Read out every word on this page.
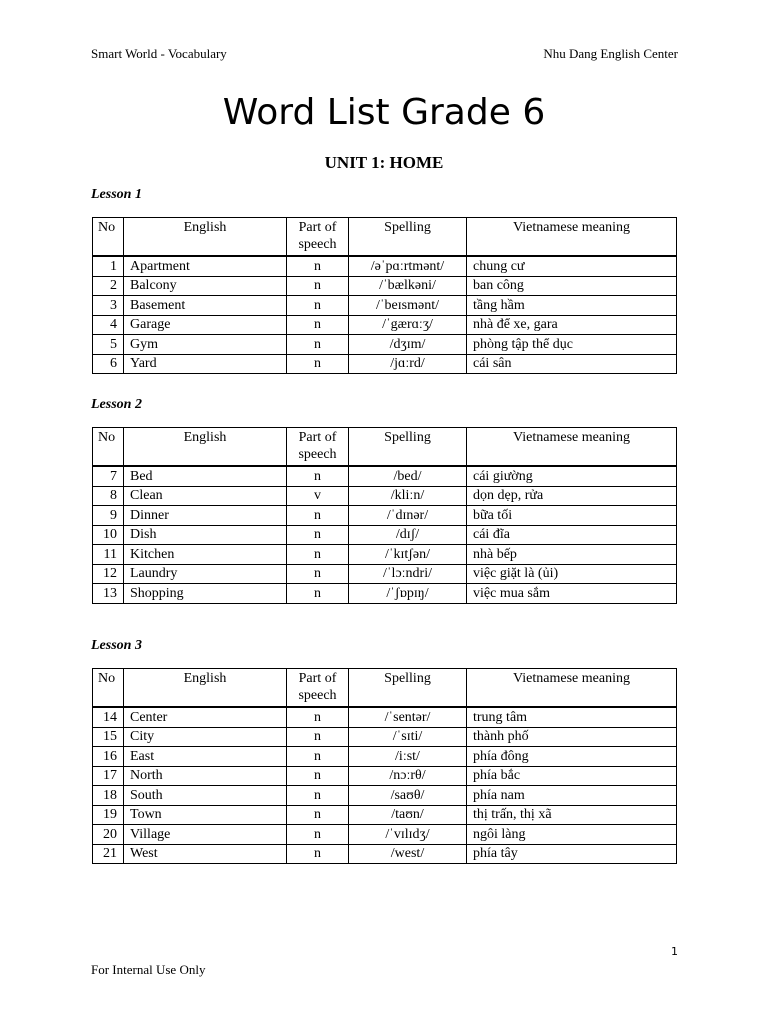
Smart World - Vocabulary	Nhu Dang English Center
Word List Grade 6
UNIT 1: HOME
Lesson 1
No	English	Part of speech	Spelling	Vietnamese meaning
1	Apartment	n	/əˈpɑːrtmənt/	chung cư
2	Balcony	n	/ˈbælkəni/	ban công
3	Basement	n	/ˈbeɪsmənt/	tầng hầm
4	Garage	n	/ˈgærɑːʒ/	nhà để xe, gara
5	Gym	n	/dʒɪm/	phòng tập thể dục
6	Yard	n	/jɑːrd/	cái sân
Lesson 2
No	English	Part of speech	Spelling	Vietnamese meaning
7	Bed	n	/bed/	cái giường
8	Clean	v	/kliːn/	dọn dẹp, rửa
9	Dinner	n	/ˈdɪnər/	bữa tối
10	Dish	n	/dɪʃ/	cái đĩa
11	Kitchen	n	/ˈkɪtʃən/	nhà bếp
12	Laundry	n	/ˈlɔːndri/	việc giặt là (ủi)
13	Shopping	n	/ˈʃɒpɪŋ/	việc mua sắm
Lesson 3
No	English	Part of speech	Spelling	Vietnamese meaning
14	Center	n	/ˈsentər/	trung tâm
15	City	n	/ˈsɪti/	thành phố
16	East	n	/iːst/	phía đông
17	North	n	/nɔːrθ/	phía bắc
18	South	n	/saʊθ/	phía nam
19	Town	n	/taʊn/	thị trấn, thị xã
20	Village	n	/ˈvɪlɪdʒ/	ngôi làng
21	West	n	/west/	phía tây
1
For Internal Use Only
